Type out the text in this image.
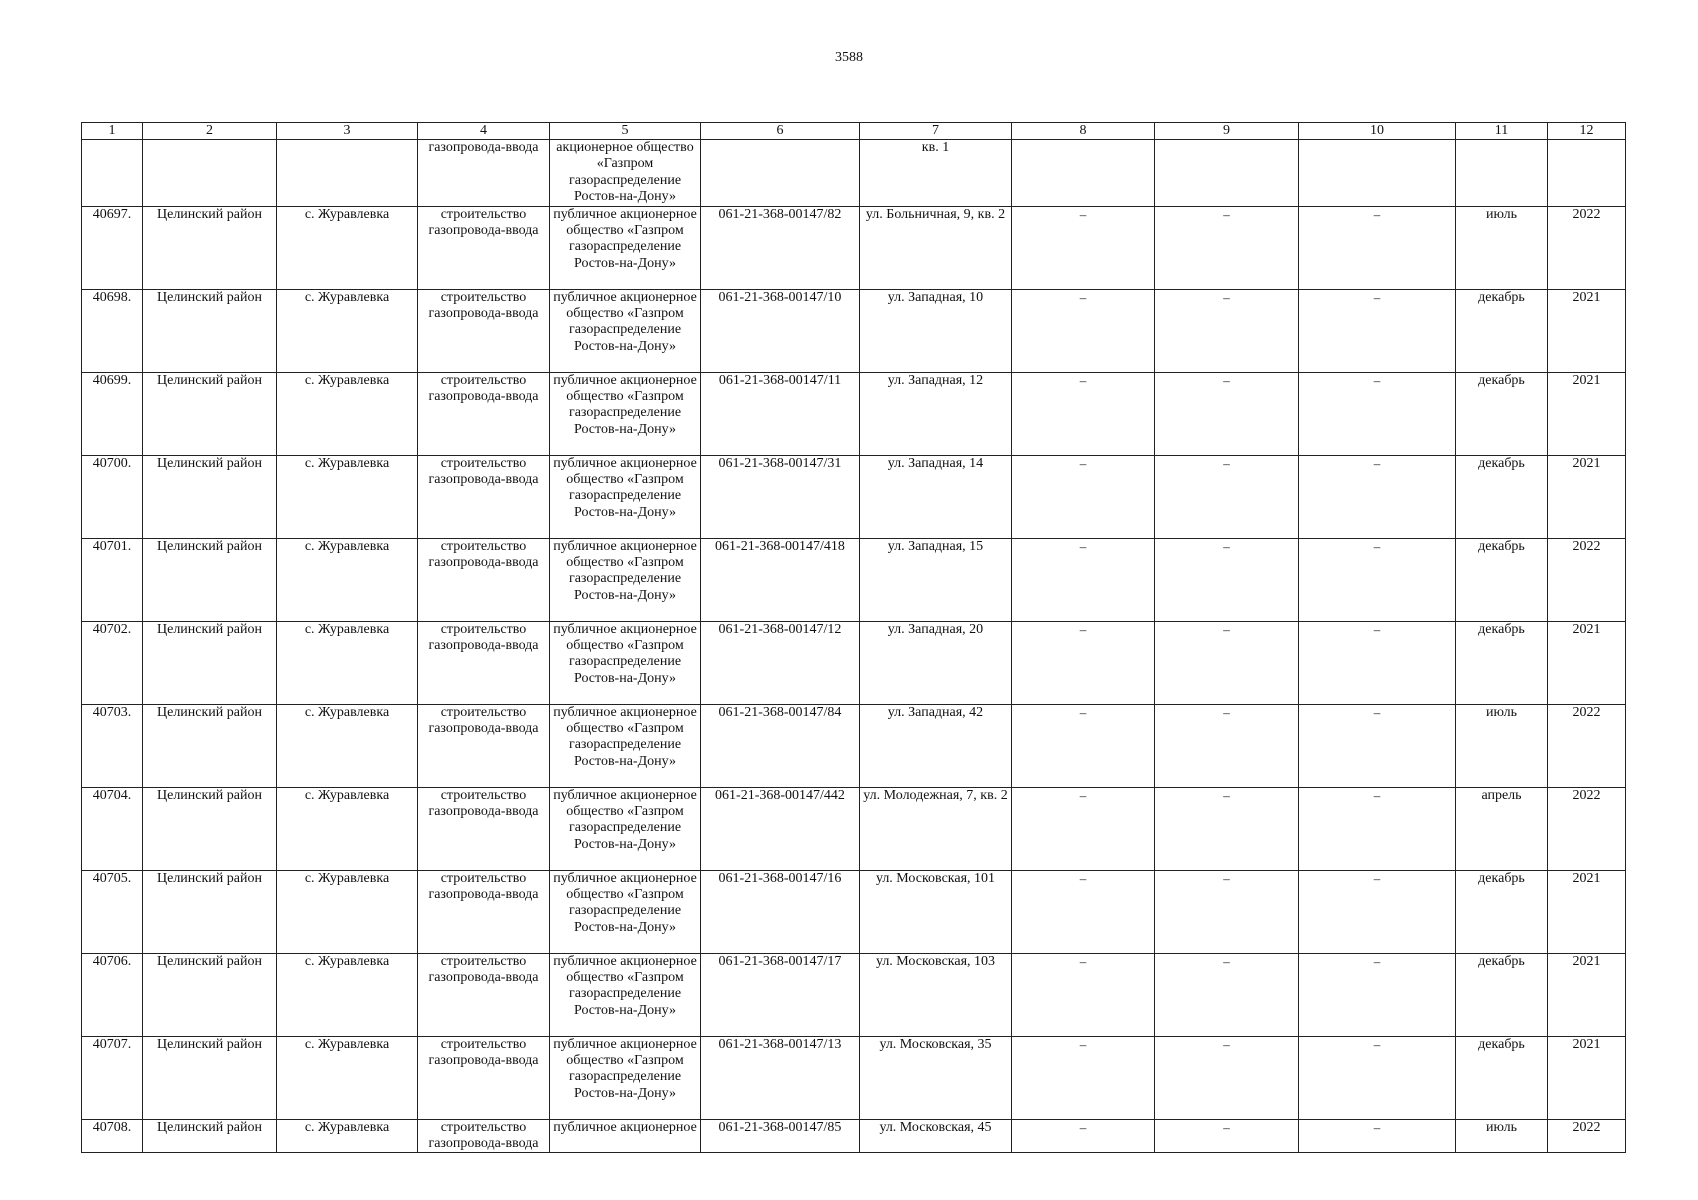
3588
1	2	3	4	5	6	7	8	9	10	11	12
			газопровода-ввода	акционерное общество «Газпром газораспределение Ростов-на-Дону»		кв. 1					
40697.	Целинский район	с. Журавлевка	строительство газопровода-ввода	публичное акционерное общество «Газпром газораспределение Ростов-на-Дону»	061-21-368-00147/82	ул. Больничная, 9, кв. 2	–	–	–	июль	2022
40698.	Целинский район	с. Журавлевка	строительство газопровода-ввода	публичное акционерное общество «Газпром газораспределение Ростов-на-Дону»	061-21-368-00147/10	ул. Западная, 10	–	–	–	декабрь	2021
40699.	Целинский район	с. Журавлевка	строительство газопровода-ввода	публичное акционерное общество «Газпром газораспределение Ростов-на-Дону»	061-21-368-00147/11	ул. Западная, 12	–	–	–	декабрь	2021
40700.	Целинский район	с. Журавлевка	строительство газопровода-ввода	публичное акционерное общество «Газпром газораспределение Ростов-на-Дону»	061-21-368-00147/31	ул. Западная, 14	–	–	–	декабрь	2021
40701.	Целинский район	с. Журавлевка	строительство газопровода-ввода	публичное акционерное общество «Газпром газораспределение Ростов-на-Дону»	061-21-368-00147/418	ул. Западная, 15	–	–	–	декабрь	2022
40702.	Целинский район	с. Журавлевка	строительство газопровода-ввода	публичное акционерное общество «Газпром газораспределение Ростов-на-Дону»	061-21-368-00147/12	ул. Западная, 20	–	–	–	декабрь	2021
40703.	Целинский район	с. Журавлевка	строительство газопровода-ввода	публичное акционерное общество «Газпром газораспределение Ростов-на-Дону»	061-21-368-00147/84	ул. Западная, 42	–	–	–	июль	2022
40704.	Целинский район	с. Журавлевка	строительство газопровода-ввода	публичное акционерное общество «Газпром газораспределение Ростов-на-Дону»	061-21-368-00147/442	ул. Молодежная, 7, кв. 2	–	–	–	апрель	2022
40705.	Целинский район	с. Журавлевка	строительство газопровода-ввода	публичное акционерное общество «Газпром газораспределение Ростов-на-Дону»	061-21-368-00147/16	ул. Московская, 101	–	–	–	декабрь	2021
40706.	Целинский район	с. Журавлевка	строительство газопровода-ввода	публичное акционерное общество «Газпром газораспределение Ростов-на-Дону»	061-21-368-00147/17	ул. Московская, 103	–	–	–	декабрь	2021
40707.	Целинский район	с. Журавлевка	строительство газопровода-ввода	публичное акционерное общество «Газпром газораспределение Ростов-на-Дону»	061-21-368-00147/13	ул. Московская, 35	–	–	–	декабрь	2021
40708.	Целинский район	с. Журавлевка	строительство газопровода-ввода	публичное акционерное	061-21-368-00147/85	ул. Московская, 45	–	–	–	июль	2022
